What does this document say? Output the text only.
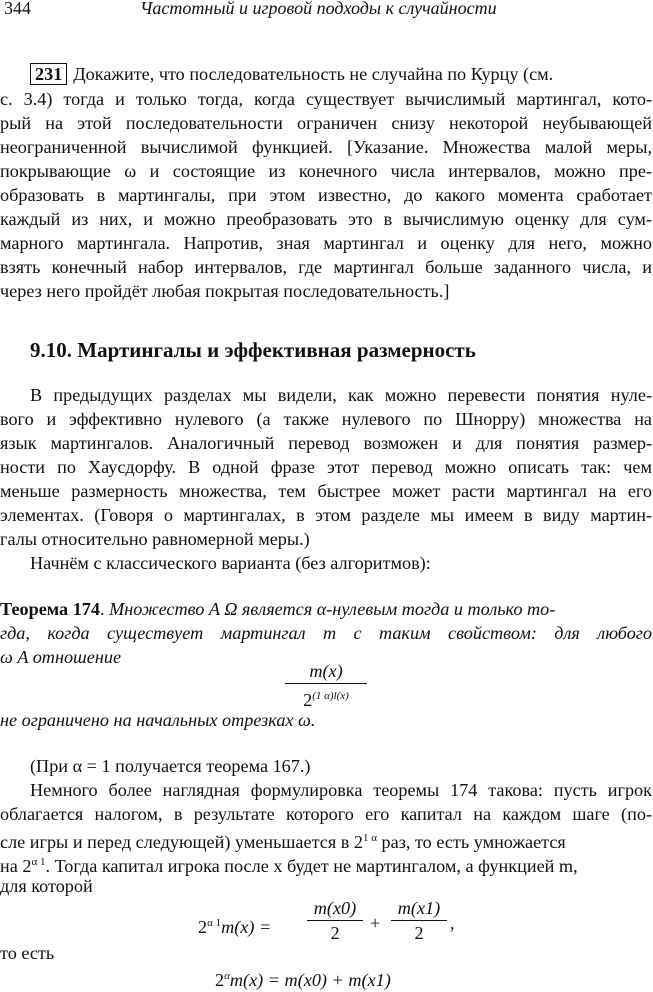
344	Частотный и игровой подходы к случайности
231 Докажите, что последовательность не случайна по Курцу (см.
с. 3.4) тогда и только тогда, когда существует вычислимый мартингал, кото-
рый на этой последовательности ограничен снизу некоторой неубывающей
неограниченной вычислимой функцией. [Указание. Множества малой меры,
покрывающие ω и состоящие из конечного числа интервалов, можно пре-
образовать в мартингалы, при этом известно, до какого момента сработает
каждый из них, и можно преобразовать это в вычислимую оценку для сум-
марного мартингала. Напротив, зная мартингал и оценку для него, можно
взять конечный набор интервалов, где мартингал больше заданного числа, и
через него пройдёт любая покрытая последовательность.]
9.10. Мартингалы и эффективная размерность
В предыдущих разделах мы видели, как можно перевести понятия нуле-
вого и эффективно нулевого (а также нулевого по Шнорру) множества на
язык мартингалов. Аналогичный перевод возможен и для понятия размер-
ности по Хаусдорфу. В одной фразе этот перевод можно описать так: чем
меньше размерность множества, тем быстрее может расти мартингал на его
элементах. (Говоря о мартингалах, в этом разделе мы имеем в виду мартин-
галы относительно равномерной меры.)
Начнём с классического варианта (без алгоритмов):
Теорема 174. Множество A Ω является α-нулевым тогда и только то-
гда, когда существует мартингал m с таким свойством: для любого
ω A отношение
m(x)
$2^{(1 \alpha)l(x)}$
не ограничено на начальных отрезках ω.
(При α = 1 получается теорема 167.)
Немного более наглядная формулировка теоремы 174 такова: пусть игрок
облагается налогом, в результате которого его капитал на каждом шаге (по-
сле игры и перед следующей) уменьшается в $2^{1 \alpha}$ раз, то есть умножается
на $2^{\alpha 1}$. Тогда капитал игрока после x будет не мартингалом, а функцией m,
для которой
$2^{\alpha 1}m(x)$ =
m(x0)
2	+
m(x1)
2	,
то есть
$2^\alpha m(x) = m(x0) + m(x1)$
